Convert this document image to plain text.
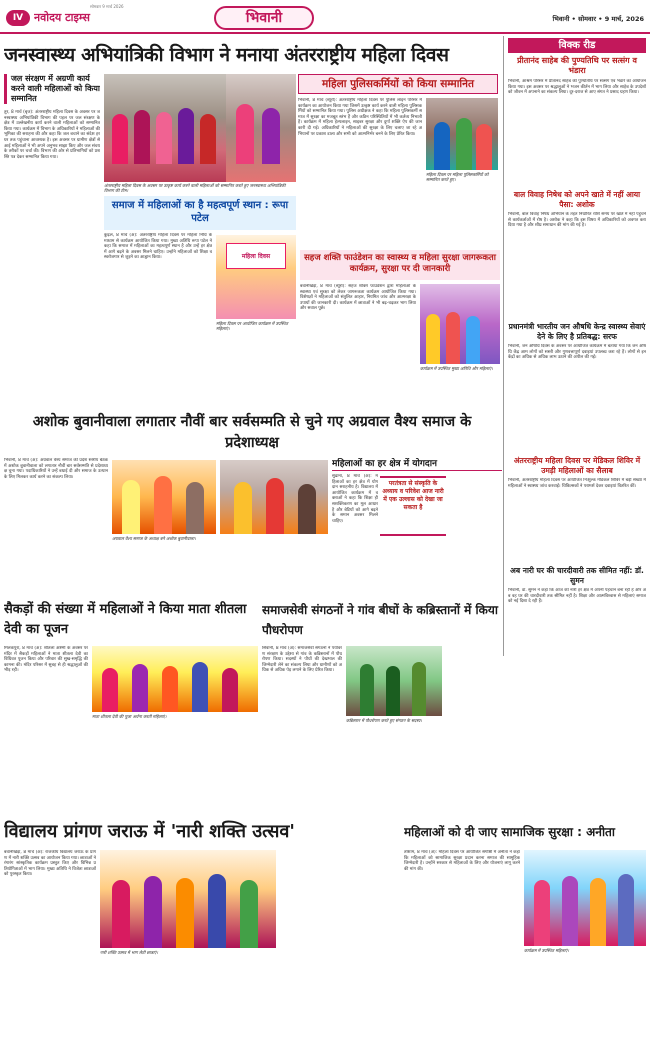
IV नवोदय टाइम्स
सोमवार 9 मार्च 2026
भिवानी	भिवानी • सोमवार • 9 मार्च, 2026
जनस्वास्थ्य अभियांत्रिकी विभाग ने मनाया अंतरराष्ट्रीय महिला दिवस
जल संरक्षण में अग्रणी कार्य करने वाली महिलाओं को किया सम्मानित
तुर, 8 मार्च (बृज): अंतरराष्ट्रीय महिला दिवस के अवसर पर जनस्वास्थ्य अभियांत्रिकी विभाग की पहल पर जल संरक्षण के क्षेत्र में उल्लेखनीय कार्य करने वाली महिलाओं को सम्मानित किया गया। कार्यक्रम में विभाग के अधिकारियों ने महिलाओं की भूमिका की सराहना की और कहा कि जल बचाने का संदेश हर घर तक पहुंचाना आवश्यक है। इस अवसर पर ग्रामीण क्षेत्रों से आई महिलाओं ने भी अपने अनुभव साझा किए और जल संचय के तरीकों पर चर्चा की। विभाग की ओर से प्रतिभागियों को प्रशस्ति पत्र देकर सम्मानित किया गया।
अंतरराष्ट्रीय महिला दिवस के अवसर पर उत्कृष्ट कार्य करने वाली महिलाओं को सम्मानित करते हुए जनस्वास्थ्य अभियांत्रिकी विभाग की टीम।
महिला पुलिसकर्मियों को किया सम्मानित
भिवानी, 8 मार्च (ब्यूरो): अंतरराष्ट्रीय महिला दिवस पर पुलिस लाइन परिसर में कार्यक्रम का आयोजन किया गया जिसमें उत्कृष्ट कार्य करने वाली महिला पुलिसकर्मियों को सम्मानित किया गया। पुलिस अधीक्षक ने कहा कि महिला पुलिसकर्मी समाज में सुरक्षा का मजबूत स्तंभ हैं और कठिन परिस्थितियों में भी कर्तव्य निभाती हैं। कार्यक्रम में महिला हेल्पलाइन, साइबर सुरक्षा और दुर्गा शक्ति ऐप की जानकारी दी गई। अधिकारियों ने महिलाओं की सुरक्षा के लिए चलाए जा रहे अभियानों पर प्रकाश डाला और सभी को आत्मनिर्भर बनने के लिए प्रेरित किया।
महिला दिवस पर महिला पुलिसकर्मियों को सम्मानित करते हुए।
समाज में महिलाओं का है महत्वपूर्ण स्थान : रूपा पटेल
कुढ़ल, 8 मार्च (अ): अंतरराष्ट्रीय महिला दिवस पर महिला निधि के माध्यम से कार्यक्रम आयोजित किया गया। मुख्य अतिथि रूपा पटेल ने कहा कि समाज में महिलाओं का महत्वपूर्ण स्थान है और उन्हें हर क्षेत्र में आगे बढ़ने के अवसर मिलने चाहिए। उन्होंने महिलाओं को शिक्षा व स्वरोजगार से जुड़ने का आह्वान किया।	महिला दिवस
महिला दिवस पर आयोजित कार्यक्रम में उपस्थित महिलाएं।
सहज शक्ति फाउंडेशन का स्वास्थ्य व महिला सुरक्षा जागरूकता कार्यक्रम, सुरक्षा पर दी जानकारी
बवानीखेड़ा, 8 मार्च (ब्यूरो): सहज शक्ति फाउंडेशन द्वारा महिलाओं के स्वास्थ्य एवं सुरक्षा को लेकर जागरूकता कार्यक्रम आयोजित किया गया। विशेषज्ञों ने महिलाओं को संतुलित आहार, नियमित जांच और आत्मरक्षा के उपायों की जानकारी दी। कार्यक्रम में छात्राओं ने भी बढ़-चढ़कर भाग लिया और सवाल पूछे।
कार्यक्रम में उपस्थित मुख्य अतिथि और महिलाएं।
विक्क रीड
प्रीतानंद साहेब की पुण्यतिथि पर सत्संग व भंडारा
भिवानी, आश्रम परिसर में प्रीतानंद साहेब की पुण्यतिथि पर सत्संग एवं भंडारे का आयोजन किया गया। इस अवसर पर श्रद्धालुओं ने भजन कीर्तन में भाग लिया और साहेब के उपदेशों को जीवन में अपनाने का संकल्प लिया। दूर-दराज से आए संगत ने प्रसाद ग्रहण किया।
बाल विवाह निषेध को अपने खाते में नहीं आया पैसा: अशोक
भिवानी, बाल विवाह निषेध अभियान के तहत निर्धारित राशि समय पर खाते में नहीं पहुंचने से कार्यकर्ताओं में रोष है। अशोक ने कहा कि इस विषय में अधिकारियों को अवगत करा दिया गया है और शीघ्र समाधान की मांग की गई है।
प्रधानमंत्री भारतीय जन औषधि केन्द्र स्वास्थ्य सेवाएं देने के लिए है प्रतिबद्ध: सरफ
भिवानी, जन औषधि दिवस के अवसर पर आयोजित कार्यक्रम में बताया गया कि जन औषधि केंद्र आम लोगों को सस्ती और गुणवत्तापूर्ण दवाइयां उपलब्ध करा रहे हैं। लोगों से इन केंद्रों का अधिक से अधिक लाभ उठाने की अपील की गई।
अंतरराष्ट्रीय महिला दिवस पर मेडिकल शिविर में उमड़ी महिलाओं का सैलाब
भिवानी, अंतरराष्ट्रीय महिला दिवस पर आयोजित निःशुल्क मेडिकल शिविर में बड़ी संख्या में महिलाओं ने स्वास्थ्य जांच करवाई। चिकित्सकों ने परामर्श देकर दवाइयां वितरित कीं।
अब नारी घर की चारदीवारी तक सीमित नहीं: डॉ. सुमन
भिवानी, डॉ. सुमन ने कहा कि आज की नारी हर क्षेत्र में अपनी पहचान बना रही है और अब वह घर की चारदीवारी तक सीमित नहीं है। शिक्षा और आत्मविश्वास से महिलाएं समाज को नई दिशा दे रही हैं।
अशोक बुवानीवाला लगातार नौवीं बार सर्वसम्मति से चुने गए अग्रवाल वैश्य समाज के प्रदेशाध्यक्ष
भिवानी, 8 मार्च (अ): अग्रवाल वैश्य समाज की प्रदेश स्तरीय बैठक में अशोक बुवानीवाला को लगातार नौवीं बार सर्वसम्मति से प्रदेशाध्यक्ष चुना गया। पदाधिकारियों ने उन्हें बधाई दी और समाज के उत्थान के लिए मिलकर कार्य करने का संकल्प लिया।
अग्रवाल वैश्य समाज के अध्यक्ष बने अशोक बुवानीवाला।
महिलाओं का हर क्षेत्र में योगदान
परतंत्रता से संस्कृति के अध्याय व परिवेश आज नारी में एक उल्लास को देखा जा सकता है
सुढाना, 8 मार्च (अ): महिलाओं का हर क्षेत्र में योगदान सराहनीय है। विद्यालय में आयोजित कार्यक्रम में वक्ताओं ने कहा कि शिक्षा ही सशक्तिकरण का मूल आधार है और बेटियों को आगे बढ़ने के समान अवसर मिलने चाहिए।
सैकड़ों की संख्या में महिलाओं ने किया माता शीतला देवी का पूजन
मिलकपुरा, 8 मार्च (अ): शीतला अष्टमी के अवसर पर मंदिर में सैकड़ों महिलाओं ने माता शीतला देवी का विधिवत पूजन किया और परिवार की सुख-समृद्धि की कामना की। मंदिर परिसर में सुबह से ही श्रद्धालुओं की भीड़ रही।
माता शीतला देवी की पूजा अर्चना करती महिलाएं।
समाजसेवी संगठनों ने गांव बीघों के कब्रिस्तानों में किया पौधरोपण
सिवानी, 8 मार्च (अ): समाजसेवी संगठनों ने पर्यावरण संरक्षण के उद्देश्य से गांव के कब्रिस्तानों में पौधरोपण किया। सदस्यों ने पौधों की देखभाल की जिम्मेदारी लेने का संकल्प लिया और ग्रामीणों को अधिक से अधिक पेड़ लगाने के लिए प्रेरित किया।
कब्रिस्तान में पौधरोपण करते हुए संगठन के सदस्य।
विद्यालय प्रांगण जराऊ में 'नारी शक्ति उत्सव'
बवानीखेड़ा, 8 मार्च (अ): राजकीय विद्यालय जराऊ के प्रांगण में नारी शक्ति उत्सव का आयोजन किया गया। छात्राओं ने रंगारंग सांस्कृतिक कार्यक्रम प्रस्तुत किए और विभिन्न प्रतियोगिताओं में भाग लिया। मुख्य अतिथि ने विजेता छात्राओं को पुरस्कृत किया।
नारी शक्ति उत्सव में भाग लेती छात्राएं।
महिलाओं को दी जाए सामाजिक सुरक्षा : अनीता
तोशाम, 8 मार्च (अ): महिला दिवस पर आयोजित संगोष्ठी में अनीता ने कहा कि महिलाओं को सामाजिक सुरक्षा प्रदान करना समाज की सामूहिक जिम्मेदारी है। उन्होंने सरकार से महिलाओं के लिए और योजनाएं लागू करने की मांग की।
कार्यक्रम में उपस्थित महिलाएं।
